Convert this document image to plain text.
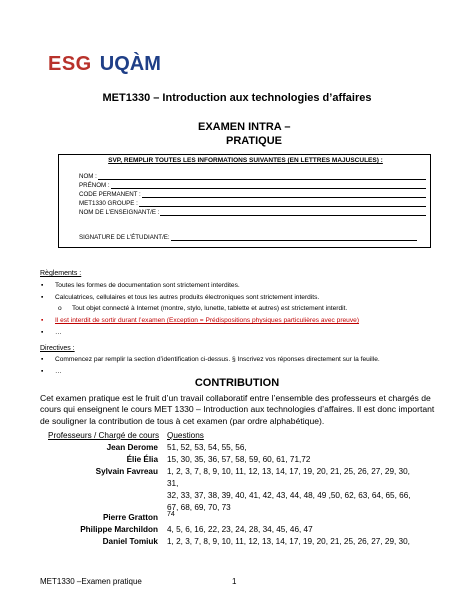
ESG UQÀM
MET1330 – Introduction aux technologies d’affaires
EXAMEN INTRA –
PRATIQUE
SVP, REMPLIR TOUTES LES INFORMATIONS SUIVANTES (EN LETTRES MAJUSCULES) :
NOM :
PRÉNOM :
CODE PERMANENT :
MET1330 GROUPE :
NOM DE L’ENSEIGNANT/E :
SIGNATURE DE L’ÉTUDIANT/E:
Règlements :
▪	Toutes les formes de documentation sont strictement interdites.
▪	Calculatrices, cellulaires et tous les autres produits électroniques sont strictement interdits.
o	Tout objet connecté à Internet (montre, stylo, lunette, tablette et autres) est strictement interdit.
▪	Il est interdit de sortir durant l’examen (Exception = Prédispositions physiques particulières avec preuve)
▪	…
Directives :
▪	Commencez par remplir la section d’identification ci-dessus. § Inscrivez vos réponses directement sur la feuille.
▪	…
CONTRIBUTION
Cet examen pratique est le fruit d’un travail collaboratif entre l’ensemble des professeurs et chargés de cours qui enseignent le cours MET 1330 – Introduction aux technologies d’affaires. Il est donc important de souligner la contribution de tous à cet examen (par ordre alphabétique).
Professeurs / Chargé de cours Questions
Jean Derome 51, 52, 53, 54, 55, 56,
Élie Élia 15, 30, 35, 36, 57, 58, 59, 60, 61, 71,72
Sylvain Favreau 1, 2, 3, 7, 8, 9, 10, 11, 12, 13, 14, 17, 19, 20, 21, 25, 26, 27, 29, 30,
31,
32, 33, 37, 38, 39, 40, 41, 42, 43, 44, 48, 49 ,50, 62, 63, 64, 65, 66,
67, 68, 69, 70, 73
Pierre Gratton 74
Philippe Marchildon 4, 5, 6, 16, 22, 23, 24, 28, 34, 45, 46, 47
Daniel Tomiuk 1, 2, 3, 7, 8, 9, 10, 11, 12, 13, 14, 17, 19, 20, 21, 25, 26, 27, 29, 30,
MET1330 –Examen pratique	1
